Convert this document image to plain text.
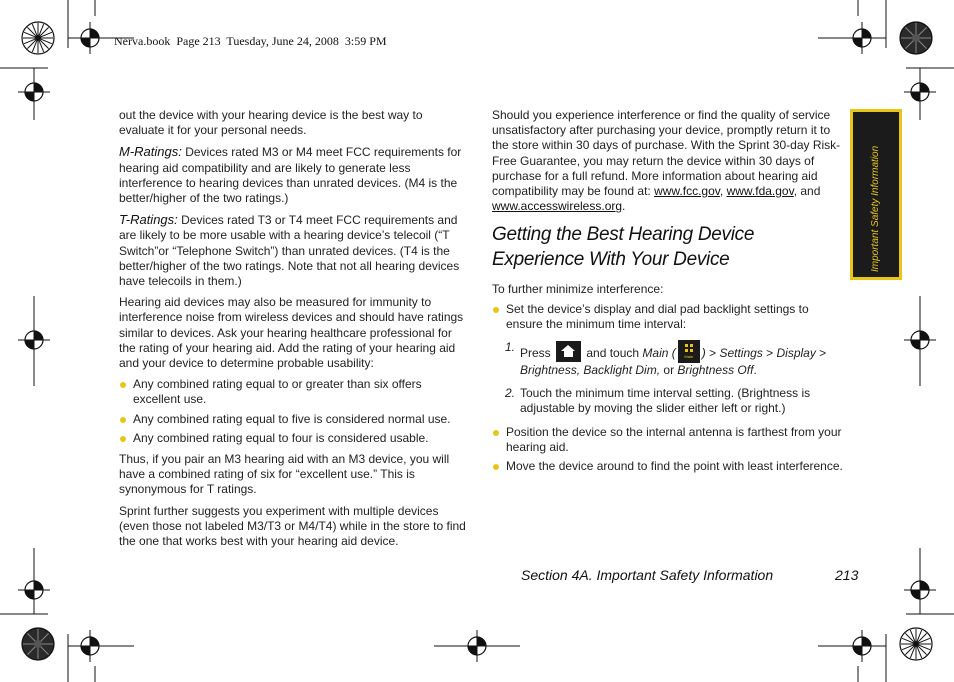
Nerva.book  Page 213  Tuesday, June 24, 2008  3:59 PM

out the device with your hearing device is the best way to evaluate it for your personal needs.

M-Ratings: Devices rated M3 or M4 meet FCC requirements for hearing aid compatibility and are likely to generate less interference to hearing devices than unrated devices. (M4 is the better/higher of the two ratings.)

T-Ratings: Devices rated T3 or T4 meet FCC requirements and are likely to be more usable with a hearing device’s telecoil (“T Switch”or “Telephone Switch”) than unrated devices. (T4 is the better/higher of the two ratings. Note that not all hearing devices have telecoils in them.)

Hearing aid devices may also be measured for immunity to interference noise from wireless devices and should have ratings similar to devices. Ask your hearing healthcare professional for the rating of your hearing aid. Add the rating of your hearing aid and your device to determine probable usability:

Any combined rating equal to or greater than six offers excellent use.
Any combined rating equal to five is considered normal use.
Any combined rating equal to four is considered usable.

Thus, if you pair an M3 hearing aid with an M3 device, you will have a combined rating of six for “excellent use.” This is synonymous for T ratings.

Sprint further suggests you experiment with multiple devices (even those not labeled M3/T3 or M4/T4) while in the store to find the one that works best with your hearing aid device.

Should you experience interference or find the quality of service unsatisfactory after purchasing your device, promptly return it to the store within 30 days of purchase. With the Sprint 30-day Risk-Free Guarantee, you may return the device within 30 days of purchase for a full refund. More information about hearing aid compatibility may be found at: www.fcc.gov, www.fda.gov, and www.accesswireless.org.

Getting the Best Hearing Device Experience With Your Device

To further minimize interference:

Set the device’s display and dial pad backlight settings to ensure the minimum time interval:
1. Press
and touch Main (	Main ) > Settings > Display > Brightness, Backlight Dim, or Brightness Off.
2. Touch the minimum time interval setting. (Brightness is adjustable by moving the slider either left or right.)
Position the device so the internal antenna is farthest from your hearing aid.
Move the device around to find the point with least interference.
Important Safety Information
Section 4A. Important Safety Information	213
